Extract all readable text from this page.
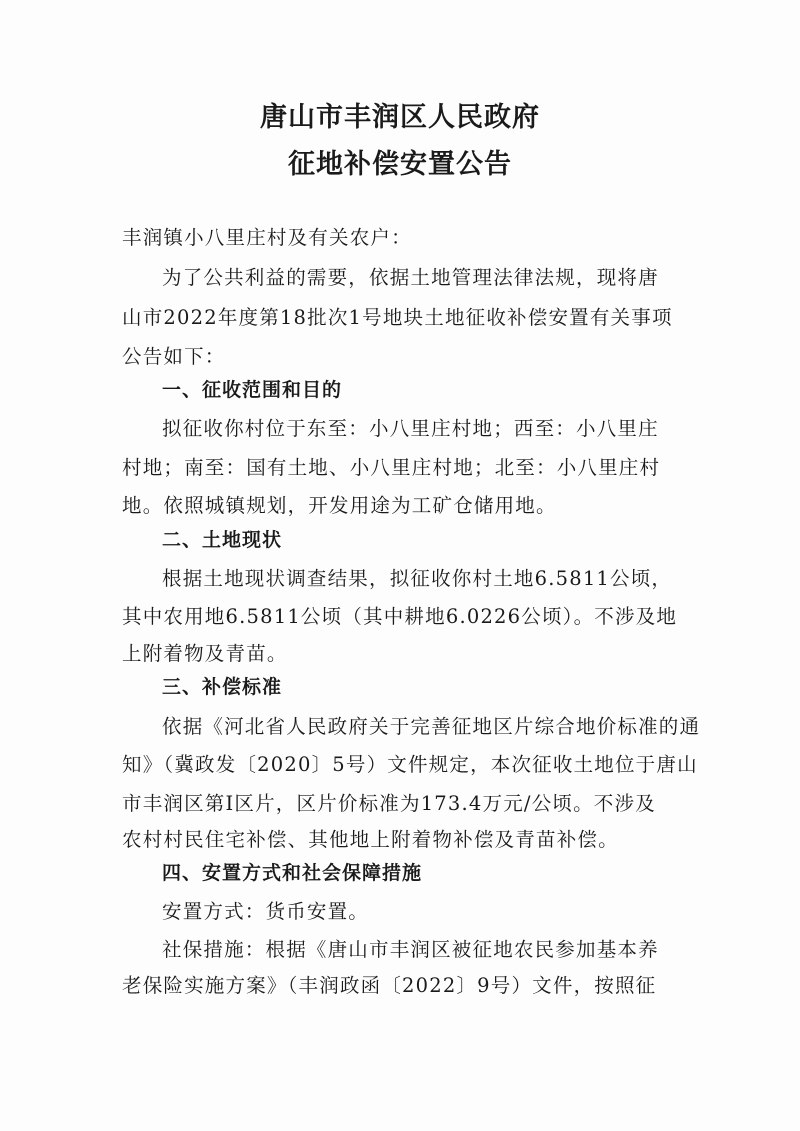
唐山市丰润区人民政府
征地补偿安置公告
丰润镇小八里庄村及有关农户：
为了公共利益的需要，依据土地管理法律法规，现将唐
山市2022年度第18批次1号地块土地征收补偿安置有关事项
公告如下：
一、征收范围和目的
拟征收你村位于东至：小八里庄村地；西至：小八里庄
村地；南至：国有土地、小八里庄村地；北至：小八里庄村
地。依照城镇规划，开发用途为工矿仓储用地。
二、土地现状
根据土地现状调查结果，拟征收你村土地6.5811公顷，
其中农用地6.5811公顷（其中耕地6.0226公顷）。不涉及地
上附着物及青苗。
三、补偿标准
依据《河北省人民政府关于完善征地区片综合地价标准的通
知》（冀政发〔2020〕5号）文件规定，本次征收土地位于唐山
市丰润区第Ⅰ区片，区片价标准为173.4万元/公顷。不涉及
农村村民住宅补偿、其他地上附着物补偿及青苗补偿。
四、安置方式和社会保障措施
安置方式：货币安置。
社保措施：根据《唐山市丰润区被征地农民参加基本养
老保险实施方案》（丰润政函〔2022〕9号）文件，按照征
